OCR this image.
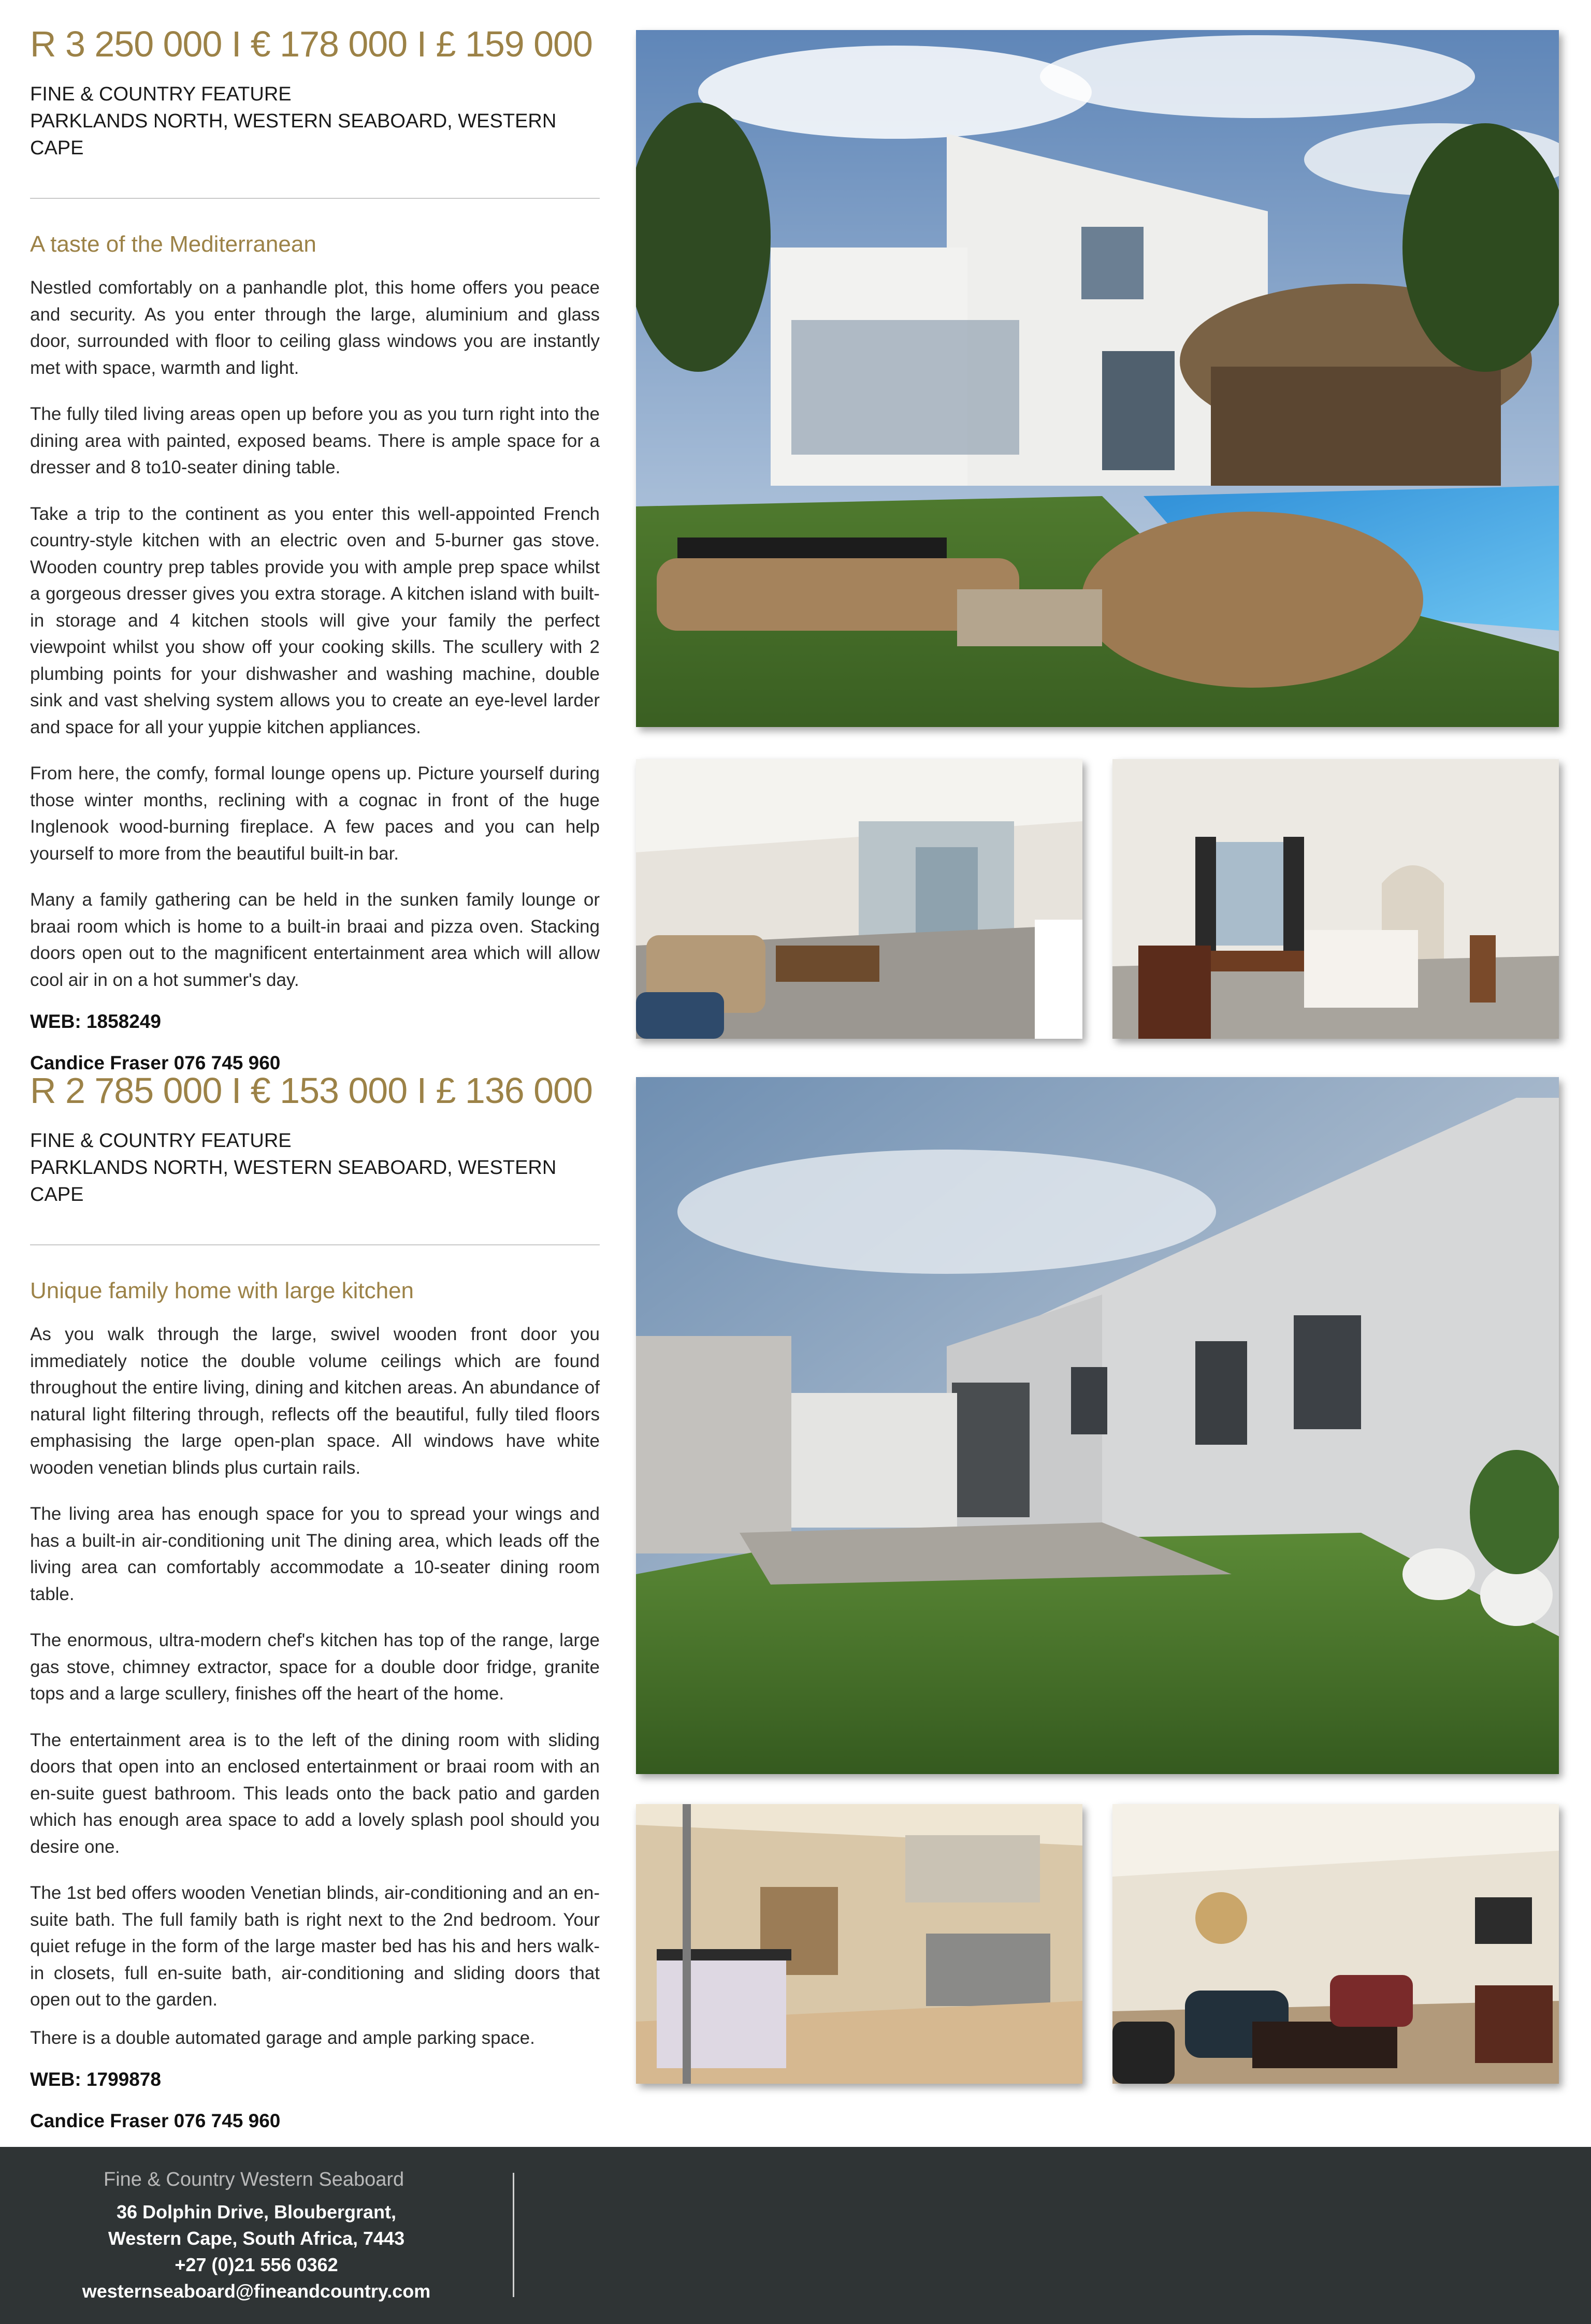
R 3 250 000 I € 178 000 I £ 159 000
FINE & COUNTRY FEATURE
PARKLANDS NORTH, WESTERN SEABOARD, WESTERN CAPE
A taste of the Mediterranean
Nestled comfortably on a panhandle plot, this home offers you peace and security. As you enter through the large, aluminium and glass door, surrounded with floor to ceiling glass windows you are instantly met with space, warmth and light.
The fully tiled living areas open up before you as you turn right into the dining area with painted, exposed beams. There is ample space for a dresser and 8 to10-seater dining table.
Take a trip to the continent as you enter this well-appointed French country-style kitchen with an electric oven and 5-burner gas stove. Wooden country prep tables provide you with ample prep space whilst a gorgeous dresser gives you extra storage. A kitchen island with built-in storage and 4 kitchen stools will give your family the perfect viewpoint whilst you show off your cooking skills. The scullery with 2 plumbing points for your dishwasher and washing machine, double sink and vast shelving system allows you to create an eye-level larder and space for all your yuppie kitchen appliances.
From here, the comfy, formal lounge opens up. Picture yourself during those winter months, reclining with a cognac in front of the huge Inglenook wood-burning fireplace. A few paces and you can help yourself to more from the beautiful built-in bar.
Many a family gathering can be held in the sunken family lounge or braai room which is home to a built-in braai and pizza oven. Stacking doors open out to the magnificent entertainment area which will allow cool air in on a hot summer's day.
WEB: 1858249
Candice Fraser 076 745 960
R 2 785 000 I € 153 000 I £ 136 000
FINE & COUNTRY FEATURE
PARKLANDS NORTH, WESTERN SEABOARD, WESTERN CAPE
Unique family home with large kitchen
As you walk through the large, swivel wooden front door you immediately notice the double volume ceilings which are found throughout the entire living, dining and kitchen areas. An abundance of natural light filtering through, reflects off the beautiful, fully tiled floors emphasising the large open-plan space. All windows have white wooden venetian blinds plus curtain rails.
The living area has enough space for you to spread your wings and has a built-in air-conditioning unit The dining area, which leads off the living area can comfortably accommodate a 10-seater dining room table.
The enormous, ultra-modern chef's kitchen has top of the range, large gas stove, chimney extractor, space for a double door fridge, granite tops and a large scullery, finishes off the heart of the home.
The entertainment area is to the left of the dining room with sliding doors that open into an enclosed entertainment or braai room with an en-suite guest bathroom. This leads onto the back patio and garden which has enough area space to add a lovely splash pool should you desire one.
The 1st bed offers wooden Venetian blinds, air-conditioning and an en-suite bath. The full family bath is right next to the 2nd bedroom. Your quiet refuge in the form of the large master bed has his and hers walk-in closets, full en-suite bath, air-conditioning and sliding doors that open out to the garden.
There is a double automated garage and ample parking space.
WEB: 1799878
Candice Fraser 076 745 960
Fine & Country Western Seaboard
36 Dolphin Drive, Bloubergrant,
Western Cape, South Africa, 7443
+27 (0)21 556 0362
westernseaboard@fineandcountry.com
